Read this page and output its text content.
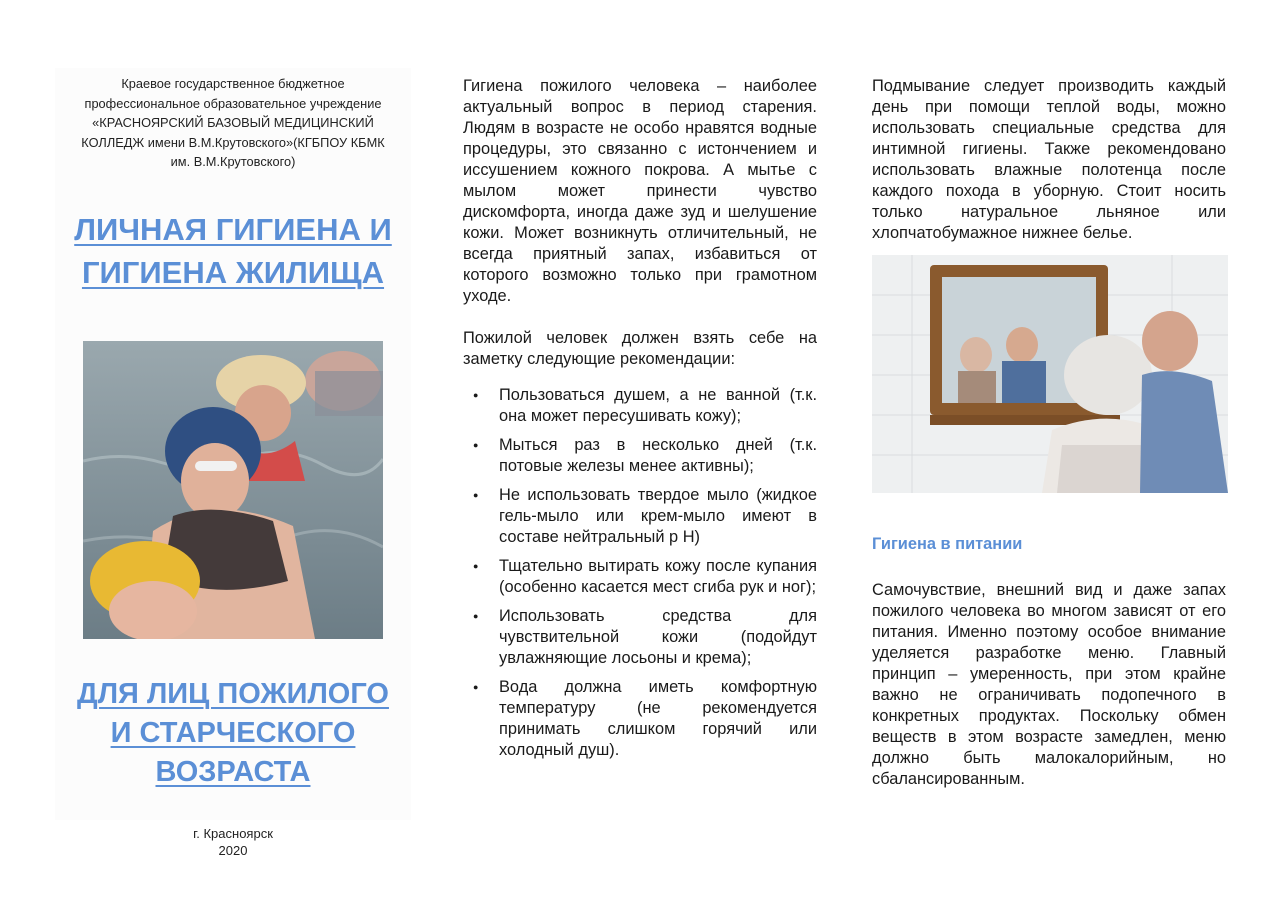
Краевое государственное бюджетное
профессиональное образовательное учреждение
«КРАСНОЯРСКИЙ БАЗОВЫЙ МЕДИЦИНСКИЙ
КОЛЛЕДЖ имени В.М.Крутовского»(КГБПОУ КБМК
им. В.М.Крутовского)
ЛИЧНАЯ ГИГИЕНА И
ГИГИЕНА ЖИЛИЩА
ДЛЯ ЛИЦ ПОЖИЛОГО
И СТАРЧЕСКОГО
ВОЗРАСТА
г. Красноярск
2020

Гигиена пожилого человека – наиболее актуальный вопрос в период старения. Людям в возрасте не особо нравятся водные процедуры, это связанно с истончением и иссушением кожного покрова. А мытье с мылом может принести чувство дискомфорта, иногда даже зуд и шелушение кожи. Может возникнуть отличительный, не всегда приятный запах, избавиться от которого возможно только при грамотном уходе.

Пожилой человек должен взять себе на заметку следующие рекомендации:

● Пользоваться душем, а не ванной (т.к. она может пересушивать кожу);
● Мыться раз в несколько дней (т.к. потовые железы менее активны);
● Не использовать твердое мыло (жидкое гель-мыло или крем-мыло имеют в составе нейтральный р Н)
● Тщательно вытирать кожу после купания (особенно касается мест сгиба рук и ног);
● Использовать средства для чувствительной кожи (подойдут увлажняющие лосьоны и крема);
● Вода должна иметь комфортную температуру (не рекомендуется принимать слишком горячий или холодный душ).

Подмывание следует производить каждый день при помощи теплой воды, можно использовать специальные средства для интимной гигиены. Также рекомендовано использовать влажные полотенца после каждого похода в уборную. Стоит носить только натуральное льняное или хлопчатобумажное нижнее белье.

Гигиена в питании

Самочувствие, внешний вид и даже запах пожилого человека во многом зависят от его питания. Именно поэтому особое внимание уделяется разработке меню. Главный принцип – умеренность, при этом крайне важно не ограничивать подопечного в конкретных продуктах. Поскольку обмен веществ в этом возрасте замедлен, меню должно быть малокалорийным, но сбалансированным.
